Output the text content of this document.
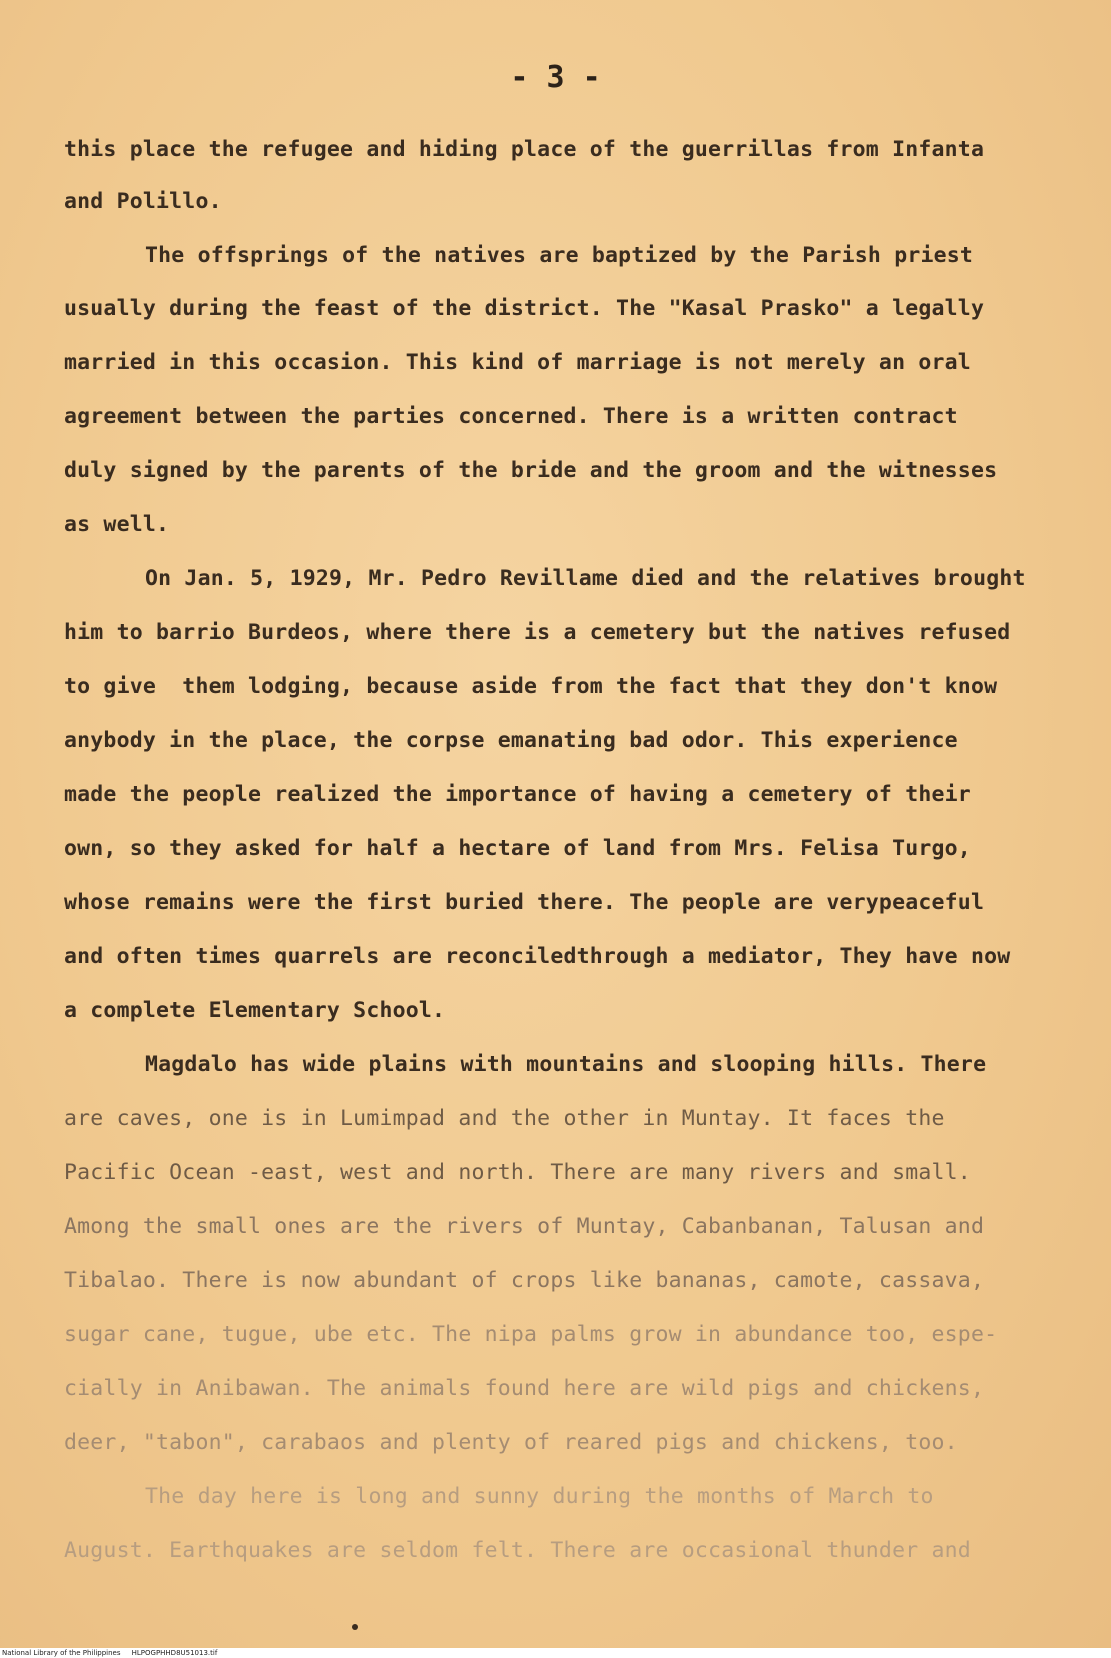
- 3 -
this place the refugee and hiding place of the guerrillas from Infanta
and Polillo.
The offsprings of the natives are baptized by the Parish priest
usually during the feast of the district. The "Kasal Prasko" a legally
married in this occasion. This kind of marriage is not merely an oral
agreement between the parties concerned. There is a written contract
duly signed by the parents of the bride and the groom and the witnesses
as well.
On Jan. 5, 1929, Mr. Pedro Revillame died and the relatives brought
him to barrio Burdeos, where there is a cemetery but the natives refused
to give  them lodging, because aside from the fact that they don't know
anybody in the place, the corpse emanating bad odor. This experience
made the people realized the importance of having a cemetery of their
own, so they asked for half a hectare of land from Mrs. Felisa Turgo,
whose remains were the first buried there. The people are verypeaceful
and often times quarrels are reconciledthrough a mediator, They have now
a complete Elementary School.
Magdalo has wide plains with mountains and slooping hills. There
are caves, one is in Lumimpad and the other in Muntay. It faces the
Pacific Ocean -east, west and north. There are many rivers and small.
Among the small ones are the rivers of Muntay, Cabanbanan, Talusan and
Tibalao. There is now abundant of crops like bananas, camote, cassava,
sugar cane, tugue, ube etc. The nipa palms grow in abundance too, espe-
cially in Anibawan. The animals found here are wild pigs and chickens,
deer, "tabon", carabaos and plenty of reared pigs and chickens, too.
The day here is long and sunny during the months of March to
August. Earthquakes are seldom felt. There are occasional thunder and
National Library of the Philippines     HLPOGPHHD8U51013.tif
